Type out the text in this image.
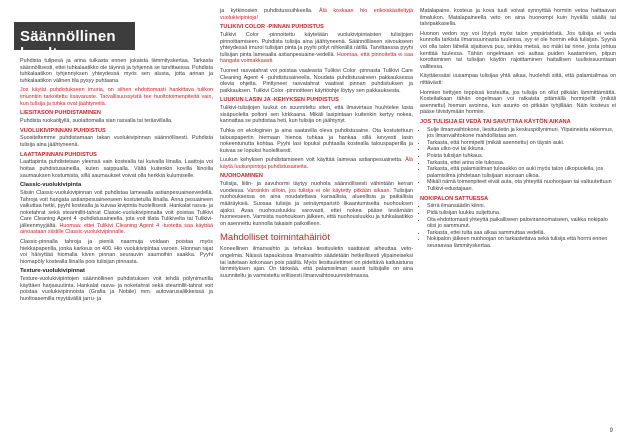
Säännöllinen huolto

Puhdista tulipesä ja arina tulkasta ennen jokaista lämmityskertaa. Tarkasta säännöllisesti, ettei tuhkalaatikko ole täynnä ja tyhjennä se tarvittaessa. Puhdista tuhkalaatikon tyhjennyksen yhteydessä myös sen alusta, jotta arinan ja tuhkalaatikon välinen tila pysyy puhtaana.

Jos käytät puhdistukseen imuria, on siihen ehdottomasti hankittava tulikon imuontiin tarkoitettu lisävaruste. Tarvallisuussyistä tee huoltotoimenpiteitä vain, kun tulisija ja tuhka ovat jäähtyneitä.

LIESITASON PUHDISTAMINEN

Puhdista ruokaöljyllä, suolattomalla sian rasvalla tai teräsvillalla.

VUOLUKIVIPINNAN PUHDISTUS

Suositeltemme puhdistamaan takan vuolukivipinnan säännöllisesti. Puhdista tulisija aina jäähtyneenä.

LAATTAPINNAN PUHDISTUS

Laattapinta puhdistetaan yleensä vain kostealla tai kuivalla liinalla. Laattoja voi hoitaa puhdistusaineilla, kuten saippualla. Vältä kuitenkin kovilla liinoilla saumauksen kostumista, sillä saumaukset voivat olla herkkiä kulumiselle.

Classic-vuolukivipinta

Siisiin Classic-vuolukivipinnan voit puhdistaa lameaalla astianpesuaineevedellä. Tahroja voit hangata astianpesuaineeseen kostutetulla liinalla. Anna pesuaineen vaikuttaa hetki, pyyhi kostealla ja kuivaa kivipinta huolellisesti. Hankalat rasva- ja noketahrat sekä stearinillit-tahrat Classic-vuolukivipinnalta voit poistaa Tulikivi Care Cleaning Agent 4 -puhdistusaineella, jota voit tilata Tulikivelta tai Tulikivi-jälleenmyyjältä. Huomaa: ettei Tulikivi Cleaning Agent 4 -tuotetta saa käyttää ainoastaan siistille Classic-vuolukivipinnalle.

Classic-pinnalla tahroja ja pieniä naarmuja voidaan poistaa myös hiekkapaperilla, jonka karkeus on 400. Hio vuolukivipintaa varoen. Hionnan rajat voi häivyttää hiomalla kiven pinnan seurauvin saumoihin saakka. Pyyhi hiomapöly kostealla liinalla pois tulisijan pinnasta.

Texture-vuolukivipinnat

Texture-vuolukivipintojen säännöllinen puhdistuksen voit tehdä pölynimurilla käyttäen harjasuutinta. Hankalat rasva- ja noketahrat sekä stearinllit-tahrat voit poistaa vuolukivipinnoista (Grafia ja Nobile) mm. autovarusaliikkeissä ja huoltoasemilla myytävällä jarru- ja

ja kytkinosien puhdistussuihkeella. Älä koskaan hio erikoiskäsiteltyjä vuolukivipintoja!

TULIKIVI COLOR -PINNAN PUHDISTUS

Tulikivi Color -pinnoitettu käytetään vuolukivipintaisten tulisijojen pinnoittamiseen. Puhdista tulisija aina jäähtyneenä. Säännölliseen siivoukseen yhteydessä imuroi tulisijan pinta ja pyyhi pölyt nihkeällä rätillä. Tarvittaessa pyyhi tulisijan pinta lameaalla astianpesuaine-vedellä. Huomaa, että pinnoitetta ei saa hangata voimakkaasti.

Tuoreet rasvatahrat voi poistaa vaaleasta Tulikivi Color -pinnasta Tulikivi Care Cleaning Agent 4 -puhdistusaineella. Noudata puhdistusaineen pakkauksessa olevia ohjeita. Pinttyneet rasvatahrat vaativat pinnan puhdistuksen ja paikkauksen. Tulikivi Color -pinnoitteen käyttöohje löytyy sen pakkauksesta.

LUUKUN LASIN JA -KEHYKSEN PUHDISTUS

Tulikivi-tulisijojen luukut on suunniteltu siten, että ilmavirtaus huuhtelee lasia sisäpuolelta poltoni sen kirkkaana. Mikäli lasipintaan kuitenkin kertyy nokea, kannattaa se puhdistaa heti, kun tulisija on jäähtynyt.

Tuhka on ekologinen ja aina saatavilla oleva puhdistusaine. Ota kostutettuun talouspaperiin hiemaan hienoa tuhkaa ja hankaa sillä kevyesti lasin nokeentunutta kohtaa. Pyyhi lasi lopuksi puhtaalla kostealla talouspaperilla ja kuivaa se lopuksi huolellisesti.

Luukun kehyksen puhdistamiseen voit käyttää laimeaa astianpesuainetta. Älä käytä luukunpintoja puhdistusaineita.

NUOHOAMINEN

Tulisija, liitin- ja savuhormi täytyy nuohota säännöllisesti vähintään kerran vuodessa. Varsinkin silloin, jos tulisija ei ole käytetty pitkään aikaan. Tulisijan nuohouksessa on aina noudatettava kansallisia, alueellisia ja paikallisia määräyksiä. Suosaa tulisija ja seinäymparistö likaantumiselta nuohouksen ajaksi. Avaa nuohousluukku varovasti, ettei nokea pääse leviämään huoneeseen. Varmista nuohouksen jälkeen, että nuohousluukku ja tuhkalaatikko on asennettu kunnolla takaisin paikoilleen.

Mahdolliset toimintahäiriöt

Koneellinen ilmanvaihto ja tehokas liesituuletin saattavat aiheuttaa veto-ongelmia. Näissä tapauksissa ilmanvaihto säädetään hetkellisesti ylipaineiseksi tai laitetaan kokonaan pois päältä. Myös liesituulettimet on pidettävä katkaistuna lämmityksen ajan. On tärkeää, että palamisilman saanti tulisijalle on aina suunniteltu ja varmistettu erillisesti ilmanvaihtosuunnitelmassa.

Matalapaine, kosteus ja kova tuuli voivat synnyttää hormiin vetoa haittaavan ilmalukon. Matalapaineella veto on aina huonompi kuin hyvällä säällä tai talvipakkasella.

Huonon vedon syy voi löytyä myös talon ympäristöstä. Jos tulisija ei veda kunnolla tarkista ilmansuunnasta tuulessa, syy ei ole hormin eikä tulisijan. Syynä voi olla talon lähellä sijaitseva puu, sinkku metsä, iso mäki tai rinne, josta johtua kenttää tuulessa. Tähän ongelmaan voi auttaa puiden kaataminen, piipun korottaminen tai tulisijan käytön rajoittaminen haitallisen tuulisissuuntiaan vallitessa.

Käyttäessäsi uusampaa tulisijaa yhtä aikaa, huolehdi siitä, että palamisilmaa on riittävästi:

Hormien tiettyjen teppissä kosteutta, jos tulisija on ollut pitkään lämmittämättä. Kosteilaikaan tähän ongelmaan voi ratkaista pitämällä hormipellit (mikäli asennettu) hieman avoinna, kun asunto on pitkään tyhjillään. Näin kosteus ei pääse tiivistymään hormiin.

JOS TULISIJA EI VEDÄ TAI SAVUTTAA KÄYTÖN AIKANA
• Sulje ilmanvaihtokone, liesituuletin ja keskuspölynimuri. Ylipaineista rakennus, jos ilmanvaihtokone mahdollistaa sen.
• Tarkasta, että hormipelti (mikäli asennettu) on täysin auki.
• Avaa ulko-ovi tai ikkuna.
• Poista tulisijan tuhkaus.
• Tarkasta, ettei arina ole tukossa.
• Tarkasta, että palamisilman tuloaukko on auki myös talon ulkopuolella, jos palamisilma johdetaan tulisijaan suoraan ulkoa.
• Mikäli nämä toimenpiteet eivät auta, ota yhteyttä nuohoojaan tai valtuutettuun Tulikivi-edustajaan.
NOKIPALON SATTUESSA
• Siirrä ilmansäädin kiinni.
• Pidä tulisijan luukku suljettuna.
• Ota ehdottomasti yhteyttä paikalliseen palovirannomaiseen, vaikka nokipalo olisi jo sammunut.
• Tarkasta, ettei tulta saa alkaa sammuttaa vedellä.
• Nokipalon jälkeen nuohoojan on tarkastettava sekä tulisija että hormi ennen seuraavaa lämmityskertaa.
9
